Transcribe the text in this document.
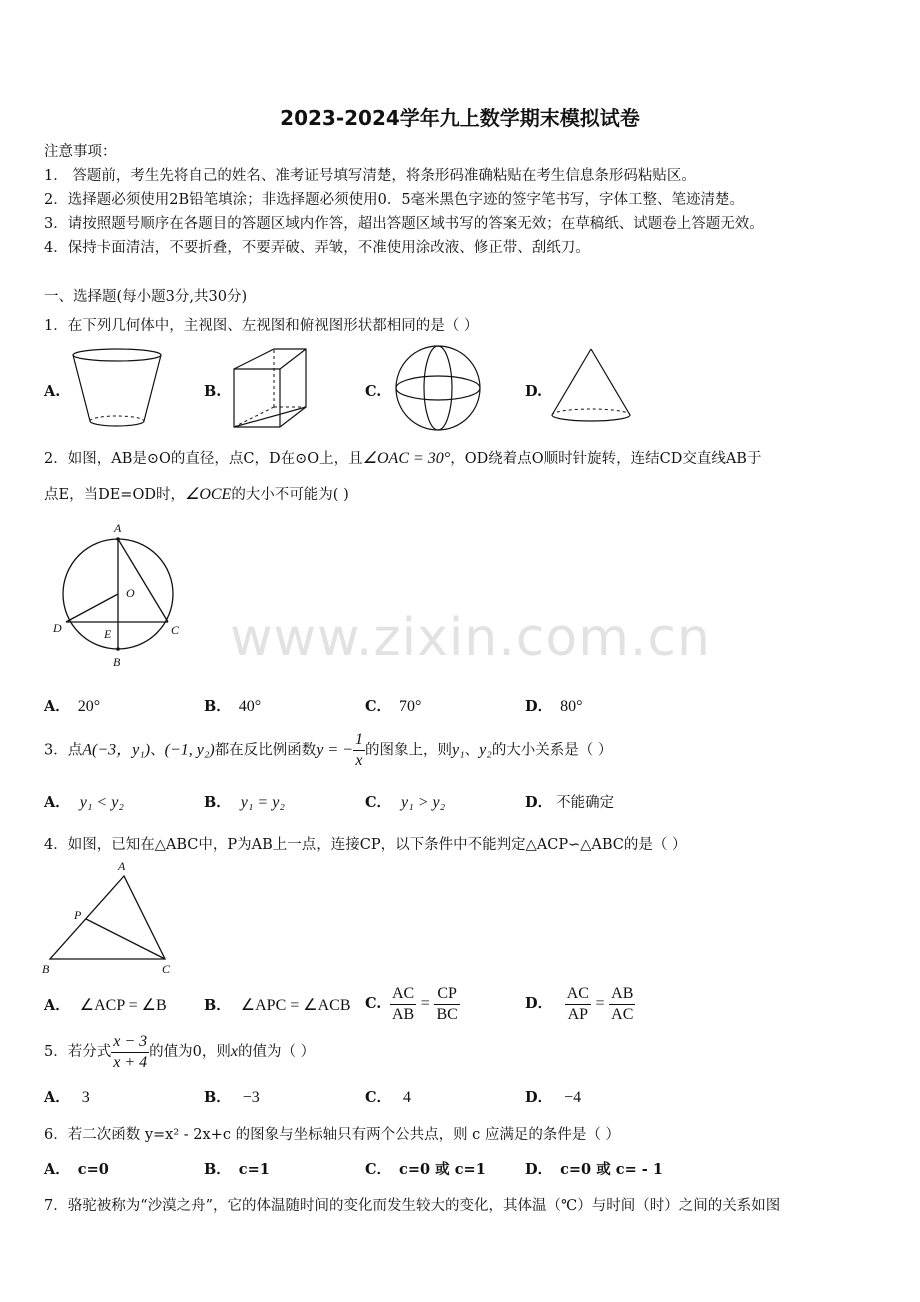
2023-2024学年九上数学期末模拟试卷
注意事项：
1． 答题前，考生先将自己的姓名、准考证号填写清楚，将条形码准确粘贴在考生信息条形码粘贴区。
2．选择题必须使用2B铅笔填涂；非选择题必须使用0．5毫米黑色字迹的签字笔书写，字体工整、笔迹清楚。
3．请按照题号顺序在各题目的答题区域内作答，超出答题区域书写的答案无效；在草稿纸、试题卷上答题无效。
4．保持卡面清洁，不要折叠，不要弄破、弄皱，不准使用涂改液、修正带、刮纸刀。
一、选择题(每小题3分,共30分)
1．在下列几何体中，主视图、左视图和俯视图形状都相同的是（ ）
A.	B.	C.	D.
2．如图，AB是⊙O的直径，点C，D在⊙O上，且∠OAC = 30°，OD绕着点O顺时针旋转，连结CD交直线AB于
点E，当DE=OD时，∠OCE的大小不可能为( )
A
O
D	E	C
B
A． 20°	B． 40°	C． 70°	D． 80°
3．点A(−3，y₁)、(−1, y₂)都在反比例函数y = − $\frac{1}{x}$ 的图象上，则y₁、y₂的大小关系是（ ）
A． y₁ < y₂	B． y₁ = y₂	C． y₁ > y₂	D． 不能确定
4．如图，已知在△ABC中，P为AB上一点，连接CP，以下条件中不能判定△ACP∽△ABC的是（ ）
A
P
B	C
A． ∠ACP = ∠B	B． ∠APC = ∠ACB C. $\frac{AC}{AB} = \frac{CP}{BC}$	D． $\frac{AC}{AP} = \frac{AB}{AC}$
5．若分式 $\frac{x - 3}{x + 4}$ 的值为0，则x的值为（ ）
A． 3	B． −3	C． 4	D． −4
6．若二次函数 y=x² - 2x+c 的图象与坐标轴只有两个公共点，则 c 应满足的条件是（ ）
A． c=0	B． c=1	C． c=0 或 c=1	D． c=0 或 c= - 1
7．骆驼被称为“沙漠之舟”，它的体温随时间的变化而发生较大的变化，其体温（℃）与时间（时）之间的关系如图
www.zixin.com.cn
